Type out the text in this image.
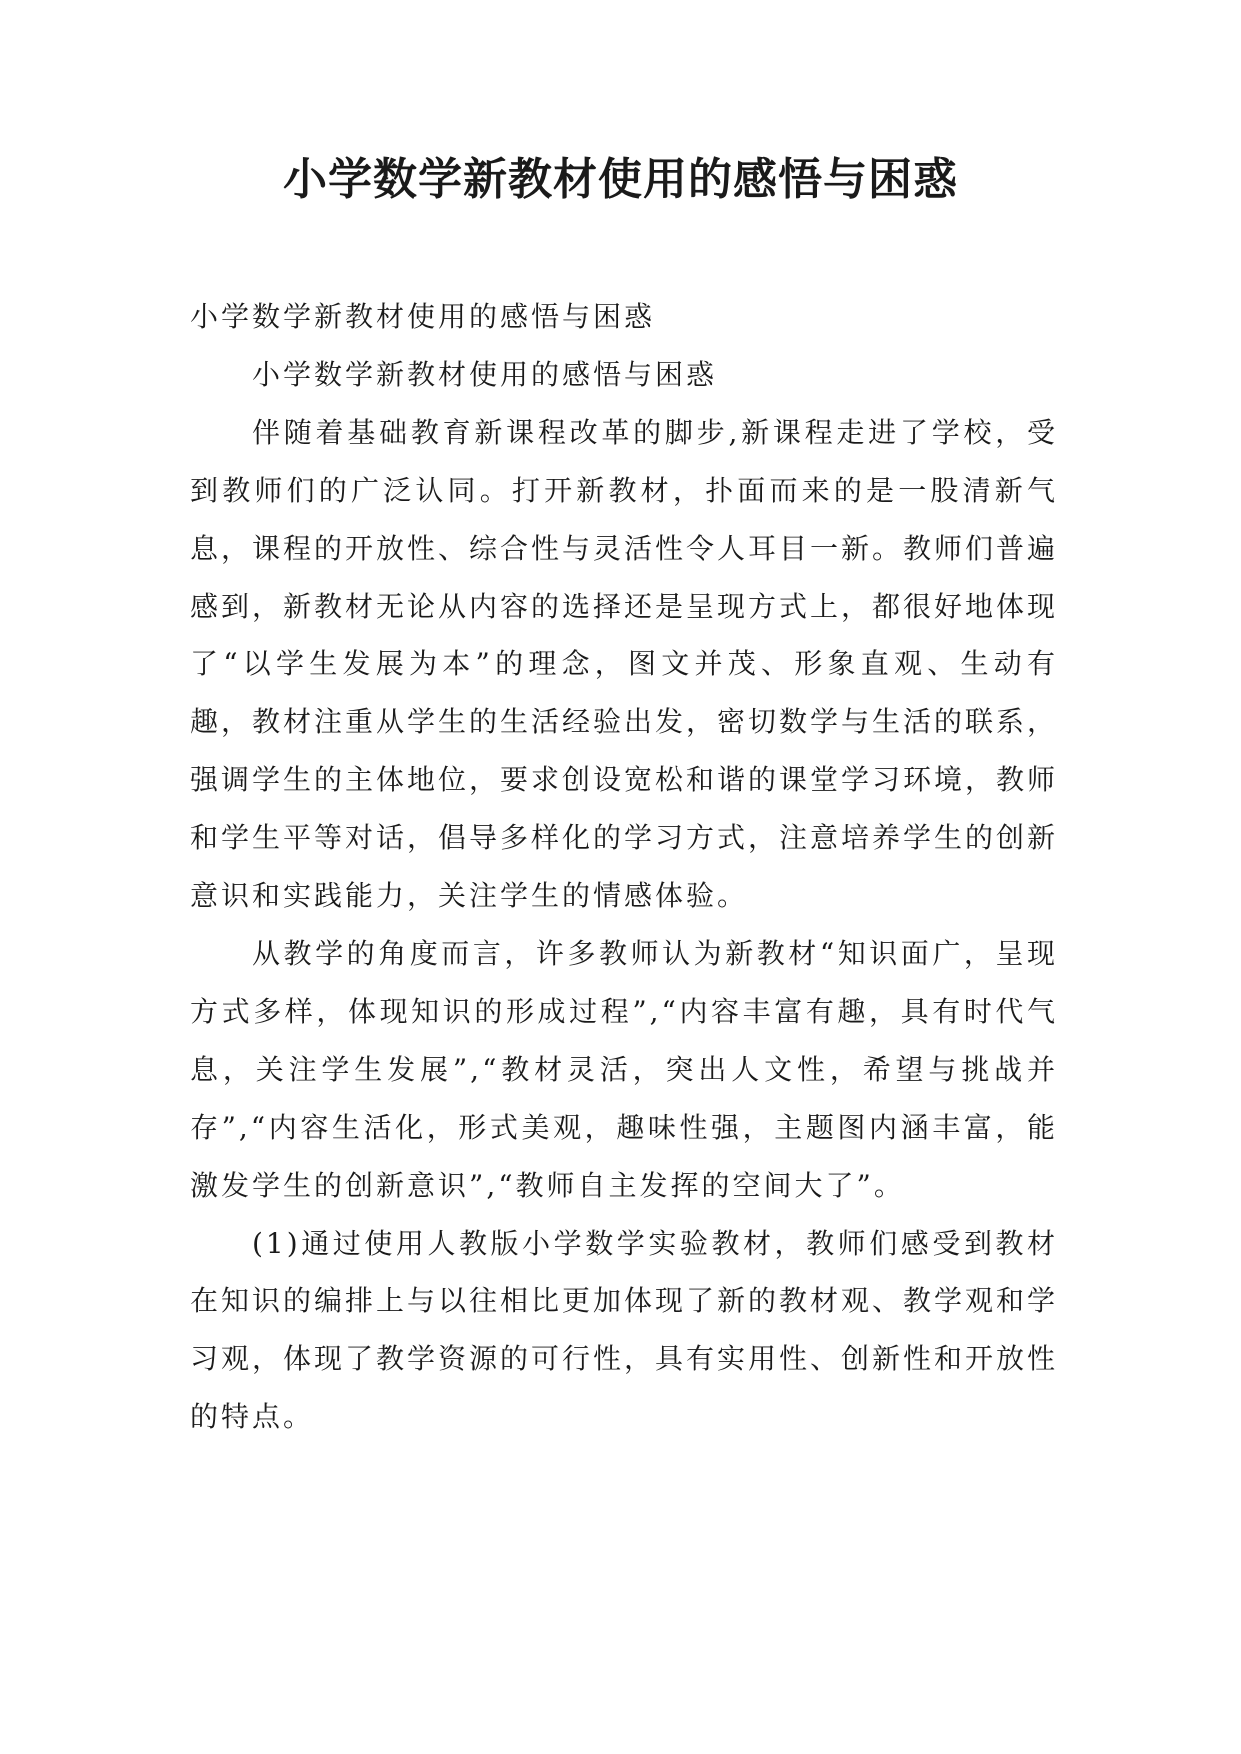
小学数学新教材使用的感悟与困惑

小学数学新教材使用的感悟与困惑

小学数学新教材使用的感悟与困惑

伴随着基础教育新课程改革的脚步,新课程走进了学校，受到教师们的广泛认同。打开新教材，扑面而来的是一股清新气息，课程的开放性、综合性与灵活性令人耳目一新。教师们普遍感到，新教材无论从内容的选择还是呈现方式上，都很好地体现了“以学生发展为本”的理念，图文并茂、形象直观、生动有趣，教材注重从学生的生活经验出发，密切数学与生活的联系，强调学生的主体地位，要求创设宽松和谐的课堂学习环境，教师和学生平等对话，倡导多样化的学习方式，注意培养学生的创新意识和实践能力，关注学生的情感体验。

从教学的角度而言，许多教师认为新教材“知识面广，呈现方式多样，体现知识的形成过程”,“内容丰富有趣，具有时代气息，关注学生发展”,“教材灵活，突出人文性，希望与挑战并存”,“内容生活化，形式美观，趣味性强，主题图内涵丰富，能激发学生的创新意识”,“教师自主发挥的空间大了”。

(1)通过使用人教版小学数学实验教材，教师们感受到教材在知识的编排上与以往相比更加体现了新的教材观、教学观和学习观，体现了教学资源的可行性，具有实用性、创新性和开放性的特点。
